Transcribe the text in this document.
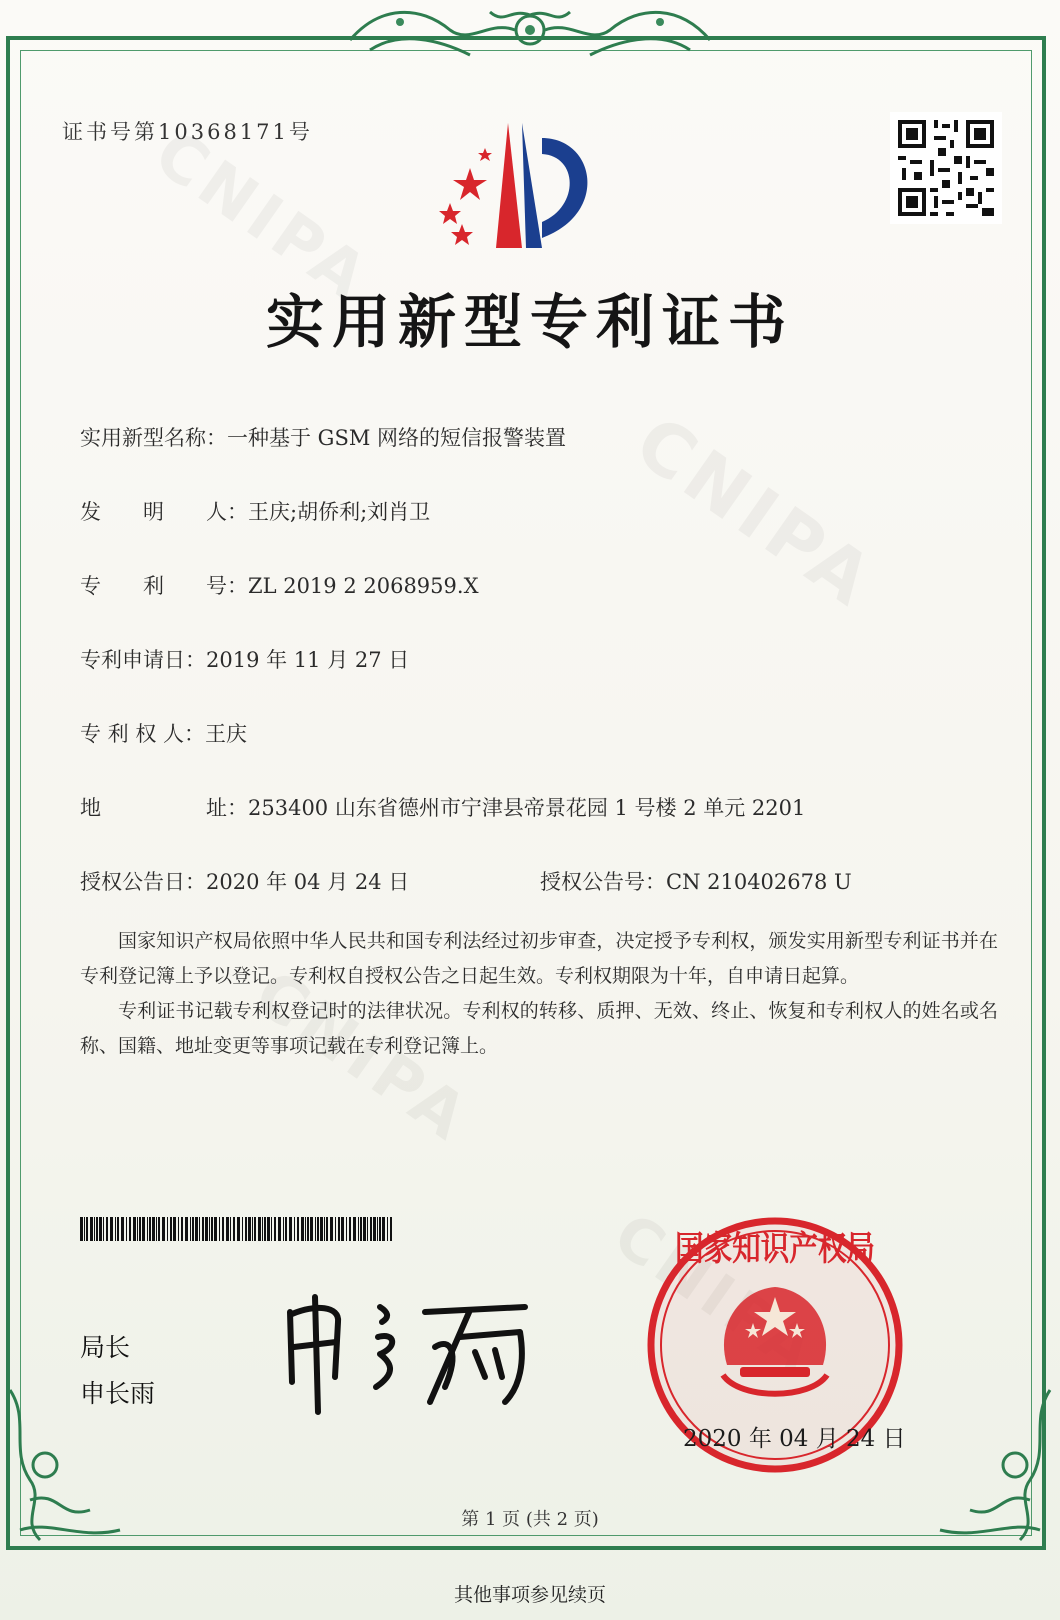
证书号第10368171号
实用新型专利证书
实用新型名称：一种基于 GSM 网络的短信报警装置
发　　明　　人：王庆;胡侨利;刘肖卫
专　　利　　号：ZL 2019 2 2068959.X
专利申请日：2019 年 11 月 27 日
专 利 权 人：王庆
地　　　　　址：253400 山东省德州市宁津县帝景花园 1 号楼 2 单元 2201
授权公告日：2020 年 04 月 24 日	授权公告号：CN 210402678 U

国家知识产权局依照中华人民共和国专利法经过初步审查，决定授予专利权，颁发实用新型专利证书并在专利登记簿上予以登记。专利权自授权公告之日起生效。专利权期限为十年，自申请日起算。

专利证书记载专利权登记时的法律状况。专利权的转移、质押、无效、终止、恢复和专利权人的姓名或名称、国籍、地址变更等事项记载在专利登记簿上。

局长
申长雨
国家知识产权局
2020 年 04 月 24 日
第 1 页 (共 2 页)
其他事项参见续页
